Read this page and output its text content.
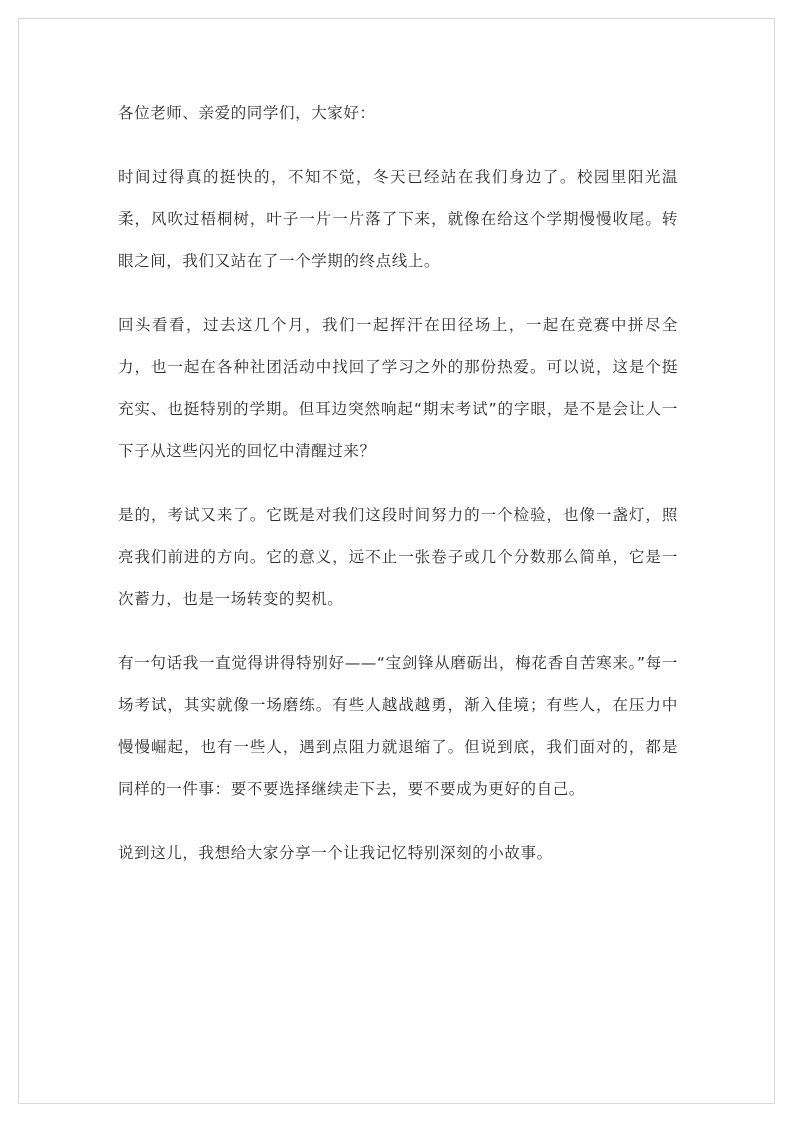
各位老师、亲爱的同学们，大家好：

时间过得真的挺快的，不知不觉，冬天已经站在我们身边了。校园里阳光温柔，风吹过梧桐树，叶子一片一片落了下来，就像在给这个学期慢慢收尾。转眼之间，我们又站在了一个学期的终点线上。

回头看看，过去这几个月，我们一起挥汗在田径场上，一起在竞赛中拼尽全力，也一起在各种社团活动中找回了学习之外的那份热爱。可以说，这是个挺充实、也挺特别的学期。但耳边突然响起“期末考试”的字眼，是不是会让人一下子从这些闪光的回忆中清醒过来？

是的，考试又来了。它既是对我们这段时间努力的一个检验，也像一盏灯，照亮我们前进的方向。它的意义，远不止一张卷子或几个分数那么简单，它是一次蓄力，也是一场转变的契机。

有一句话我一直觉得讲得特别好——“宝剑锋从磨砺出，梅花香自苦寒来。”每一场考试，其实就像一场磨练。有些人越战越勇，渐入佳境；有些人，在压力中慢慢崛起，也有一些人，遇到点阻力就退缩了。但说到底，我们面对的，都是同样的一件事：要不要选择继续走下去，要不要成为更好的自己。

说到这儿，我想给大家分享一个让我记忆特别深刻的小故事。
